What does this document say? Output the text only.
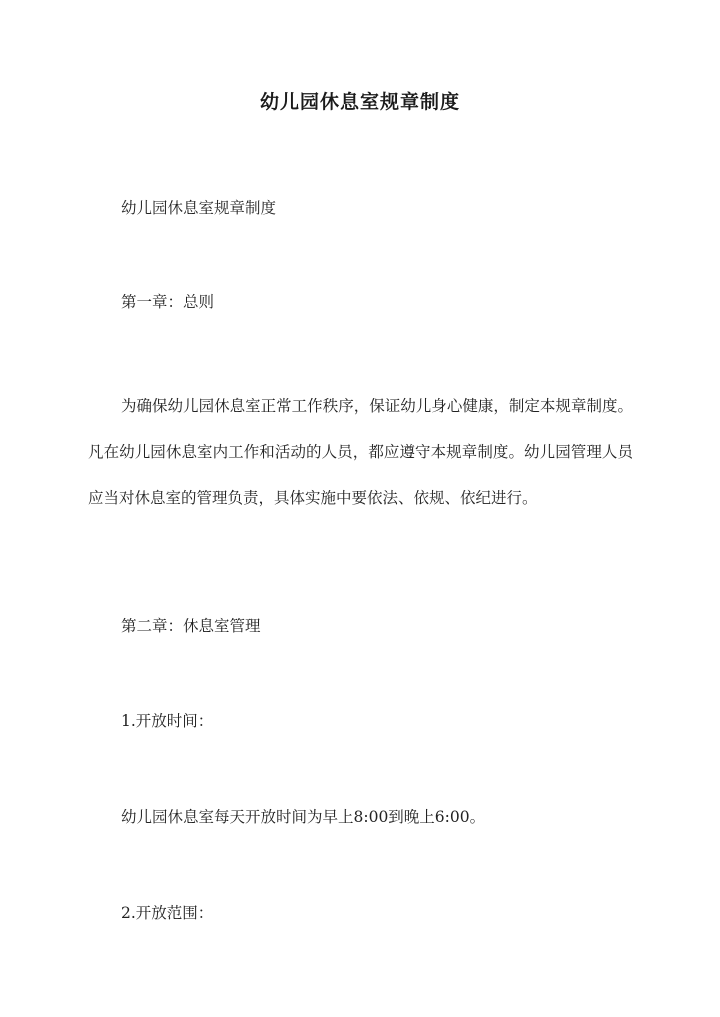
幼儿园休息室规章制度
幼儿园休息室规章制度
第一章：总则
为确保幼儿园休息室正常工作秩序，保证幼儿身心健康，制定本规章制度。凡在幼儿园休息室内工作和活动的人员，都应遵守本规章制度。幼儿园管理人员应当对休息室的管理负责，具体实施中要依法、依规、依纪进行。
第二章：休息室管理
1.开放时间：
幼儿园休息室每天开放时间为早上8:00到晚上6:00。
2.开放范围：
